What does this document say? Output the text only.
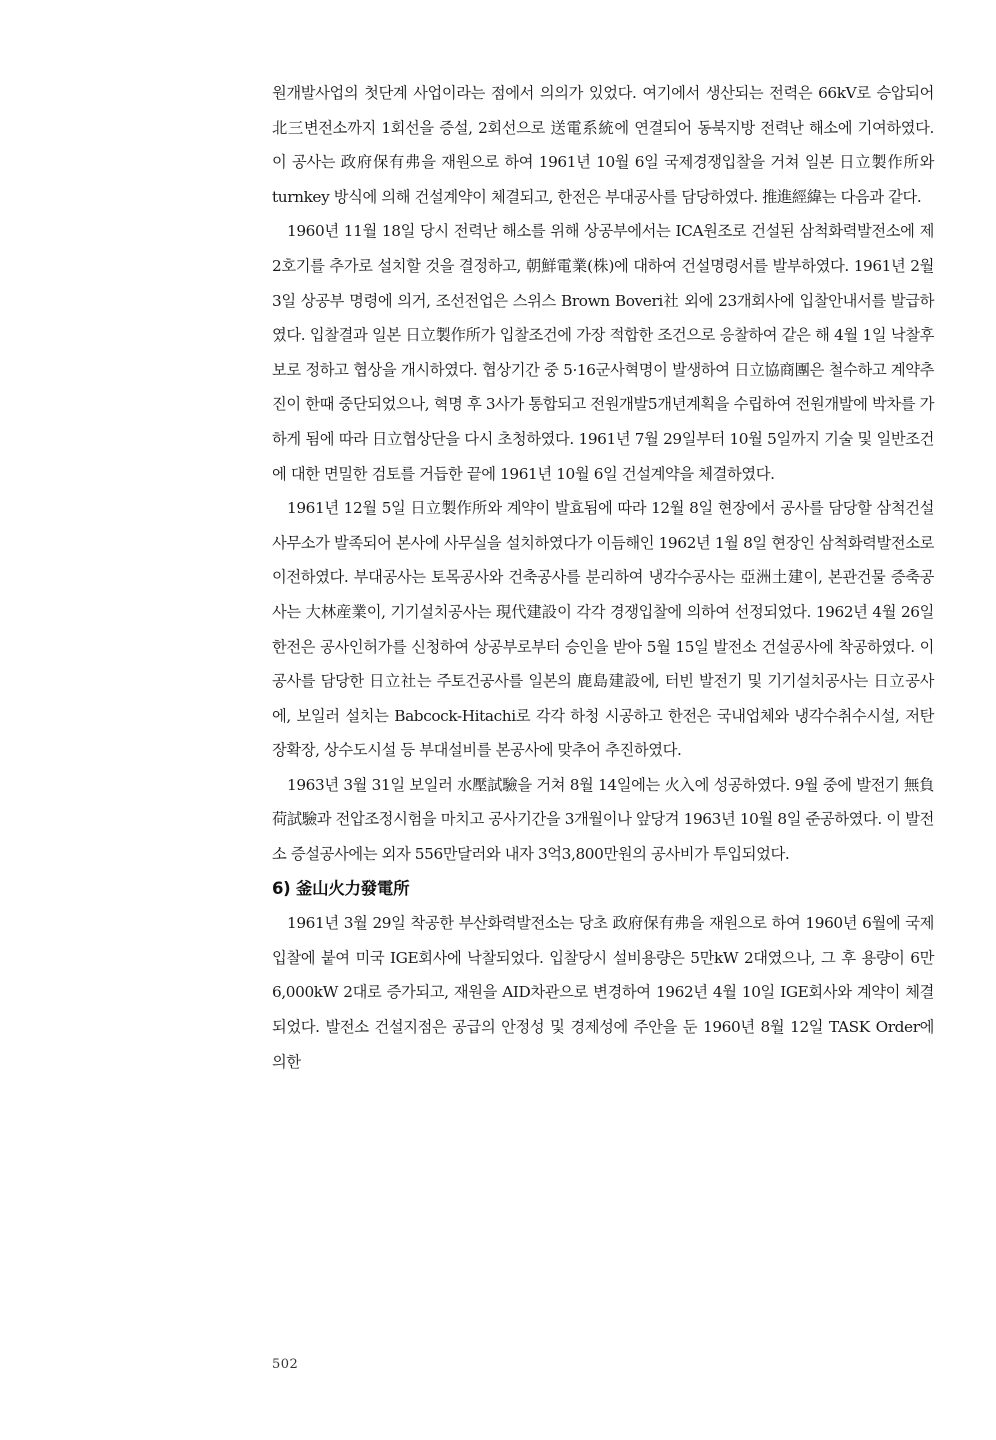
원개발사업의 첫단계 사업이라는 점에서 의의가 있었다. 여기에서 생산되는 전력은 66kV로 승압되어 北三변전소까지 1회선을 증설, 2회선으로 送電系統에 연결되어 동북지방 전력난 해소에 기여하였다. 이 공사는 政府保有弗을 재원으로 하여 1961년 10월 6일 국제경쟁입찰을 거쳐 일본 日立製作所와 turnkey 방식에 의해 건설계약이 체결되고, 한전은 부대공사를 담당하였다. 推進經緯는 다음과 같다.

1960년 11월 18일 당시 전력난 해소를 위해 상공부에서는 ICA원조로 건설된 삼척화력발전소에 제2호기를 추가로 설치할 것을 결정하고, 朝鮮電業(株)에 대하여 건설명령서를 발부하였다. 1961년 2월 3일 상공부 명령에 의거, 조선전업은 스위스 Brown Boveri社 외에 23개회사에 입찰안내서를 발급하였다. 입찰결과 일본 日立製作所가 입찰조건에 가장 적합한 조건으로 응찰하여 같은 해 4월 1일 낙찰후보로 정하고 협상을 개시하였다. 협상기간 중 5·16군사혁명이 발생하여 日立協商團은 철수하고 계약추진이 한때 중단되었으나, 혁명 후 3사가 통합되고 전원개발5개년계획을 수립하여 전원개발에 박차를 가하게 됨에 따라 日立협상단을 다시 초청하였다. 1961년 7월 29일부터 10월 5일까지 기술 및 일반조건에 대한 면밀한 검토를 거듭한 끝에 1961년 10월 6일 건설계약을 체결하였다.

1961년 12월 5일 日立製作所와 계약이 발효됨에 따라 12월 8일 현장에서 공사를 담당할 삼척건설사무소가 발족되어 본사에 사무실을 설치하였다가 이듬해인 1962년 1월 8일 현장인 삼척화력발전소로 이전하였다. 부대공사는 토목공사와 건축공사를 분리하여 냉각수공사는 亞洲土建이, 본관건물 증축공사는 大林産業이, 기기설치공사는 現代建設이 각각 경쟁입찰에 의하여 선정되었다. 1962년 4월 26일 한전은 공사인허가를 신청하여 상공부로부터 승인을 받아 5월 15일 발전소 건설공사에 착공하였다. 이 공사를 담당한 日立社는 주토건공사를 일본의 鹿島建設에, 터빈 발전기 및 기기설치공사는 日立공사에, 보일러 설치는 Babcock-Hitachi로 각각 하청 시공하고 한전은 국내업체와 냉각수취수시설, 저탄장확장, 상수도시설 등 부대설비를 본공사에 맞추어 추진하였다.

1963년 3월 31일 보일러 水壓試驗을 거쳐 8월 14일에는 火入에 성공하였다. 9월 중에 발전기 無負荷試驗과 전압조정시험을 마치고 공사기간을 3개월이나 앞당겨 1963년 10월 8일 준공하였다. 이 발전소 증설공사에는 외자 556만달러와 내자 3억3,800만원의 공사비가 투입되었다.

6) 釜山火力發電所

1961년 3월 29일 착공한 부산화력발전소는 당초 政府保有弗을 재원으로 하여 1960년 6월에 국제입찰에 붙여 미국 IGE회사에 낙찰되었다. 입찰당시 설비용량은 5만kW 2대였으나, 그 후 용량이 6만6,000kW 2대로 증가되고, 재원을 AID차관으로 변경하여 1962년 4월 10일 IGE회사와 계약이 체결되었다. 발전소 건설지점은 공급의 안정성 및 경제성에 주안을 둔 1960년 8월 12일 TASK Order에 의한

502
